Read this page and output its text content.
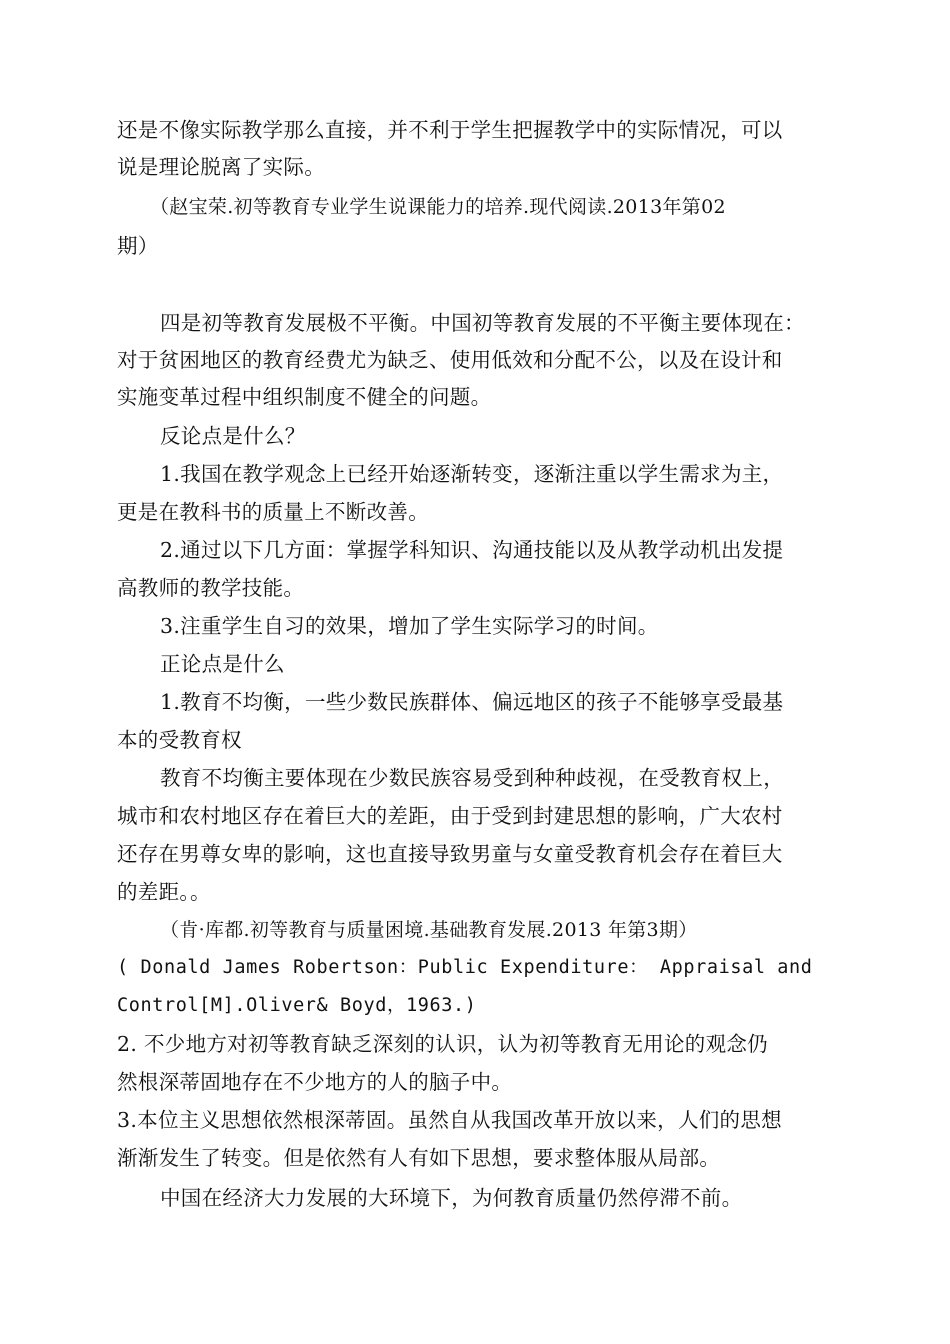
还是不像实际教学那么直接，并不利于学生把握教学中的实际情况，可以
说是理论脱离了实际。
（赵宝荣.初等教育专业学生说课能力的培养.现代阅读.2013年第02
期）
四是初等教育发展极不平衡。中国初等教育发展的不平衡主要体现在：
对于贫困地区的教育经费尤为缺乏、使用低效和分配不公，以及在设计和
实施变革过程中组织制度不健全的问题。
反论点是什么？
1.我国在教学观念上已经开始逐渐转变，逐渐注重以学生需求为主，
更是在教科书的质量上不断改善。
2.通过以下几方面：掌握学科知识、沟通技能以及从教学动机出发提
高教师的教学技能。
3.注重学生自习的效果，增加了学生实际学习的时间。
正论点是什么
1.教育不均衡，一些少数民族群体、偏远地区的孩子不能够享受最基
本的受教育权
教育不均衡主要体现在少数民族容易受到种种歧视，在受教育权上，
城市和农村地区存在着巨大的差距，由于受到封建思想的影响，广大农村
还存在男尊女卑的影响，这也直接导致男童与女童受教育机会存在着巨大
的差距。。
（肯·库都.初等教育与质量困境.基础教育发展.2013 年第3期）
( Donald James Robertson：Public Expenditure： Appraisal and
Control[M].Oliver& Boyd，1963.)
2. 不少地方对初等教育缺乏深刻的认识，认为初等教育无用论的观念仍
然根深蒂固地存在不少地方的人的脑子中。
3.本位主义思想依然根深蒂固。虽然自从我国改革开放以来，人们的思想
渐渐发生了转变。但是依然有人有如下思想，要求整体服从局部。
中国在经济大力发展的大环境下，为何教育质量仍然停滞不前。
